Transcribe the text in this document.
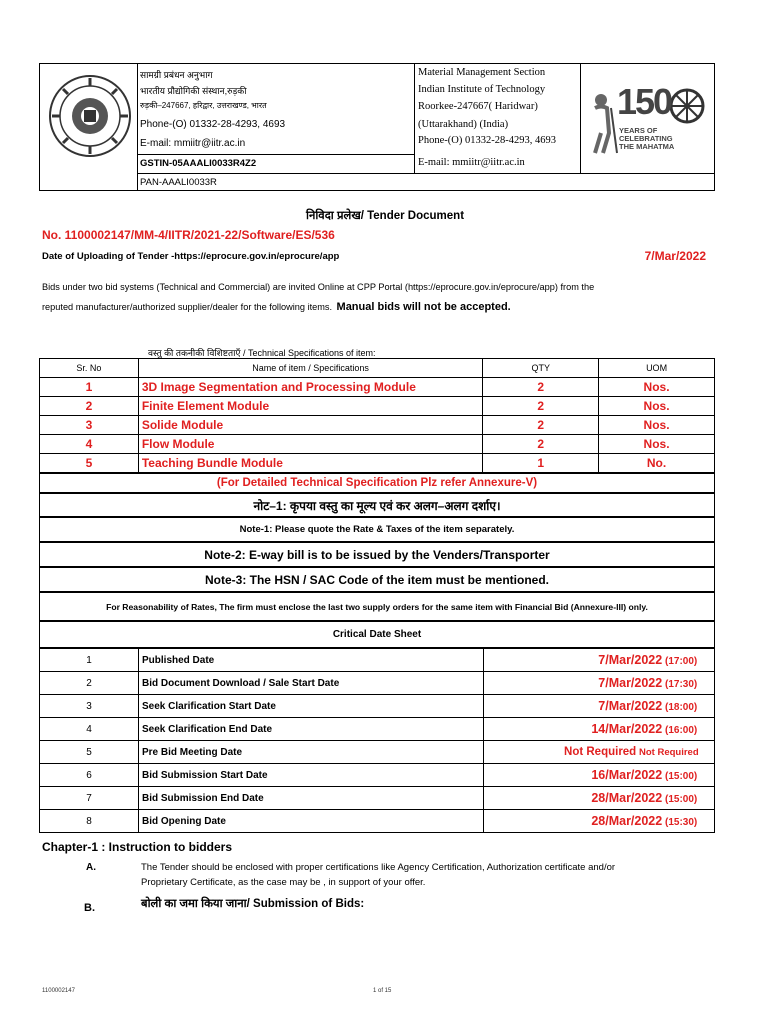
सामग्री प्रबंधन अनुभाग
भारतीय प्रौद्योगिकी संस्थान,रुड़की
रुड़की–247667, हरिद्वार, उत्तराखण्ड, भारत
Phone-(O) 01332-28-4293, 4693
E-mail: mmiitr@iitr.ac.in
GSTIN-05AAALI0033R4Z2
PAN-AAALI0033R
Material Management Section
Indian Institute of Technology
Roorkee-247667( Haridwar)
(Uttarakhand) (India)
Phone-(O) 01332-28-4293, 4693
E-mail: mmiitr@iitr.ac.in
150
YEARS OF
CELEBRATING
THE MAHATMA
निविदा प्रलेख/ Tender Document
No. 1100002147/MM-4/IITR/2021-22/Software/ES/536
Date of Uploading of Tender -https://eprocure.gov.in/eprocure/app	7/Mar/2022
Bids under two bid systems (Technical and Commercial) are invited Online at CPP Portal (https://eprocure.gov.in/eprocure/app) from the
reputed manufacturer/authorized supplier/dealer for the following items. Manual bids will not be accepted.
वस्तु की तकनीकी विशिष्टताएँ / Technical Specifications of item:
Sr. No	Name of item / Specifications	QTY	UOM
1	3D Image Segmentation and Processing Module	2	Nos.
2	Finite Element Module	2	Nos.
3	Solide Module	2	Nos.
4	Flow Module	2	Nos.
5	Teaching Bundle Module	1	No.
(For Detailed Technical Specification Plz refer Annexure-V)
नोट–1: कृपया वस्तु का मूल्य एवं कर अलग–अलग दर्शाए।
Note-1: Please quote the Rate & Taxes of the item separately.
Note-2: E-way bill is to be issued by the Venders/Transporter
Note-3: The HSN / SAC Code of the item must be mentioned.
For Reasonability of Rates, The firm must enclose the last two supply orders for the same item with Financial Bid (Annexure-III) only.
Critical Date Sheet
1	Published Date	7/Mar/2022 (17:00)
2	Bid Document Download / Sale Start Date	7/Mar/2022 (17:30)
3	Seek Clarification Start Date	7/Mar/2022 (18:00)
4	Seek Clarification End Date	14/Mar/2022 (16:00)
5	Pre Bid Meeting Date	Not Required Not Required
6	Bid Submission Start Date	16/Mar/2022 (15:00)
7	Bid Submission End Date	28/Mar/2022 (15:00)
8	Bid Opening Date	28/Mar/2022 (15:30)
Chapter-1 : Instruction to bidders
A.	The Tender should be enclosed with proper certifications like Agency Certification, Authorization certificate and/or
Proprietary Certificate, as the case may be , in support of your offer.
B.	बोली का जमा किया जाना/ Submission of Bids:
1100002147	1 of 15
